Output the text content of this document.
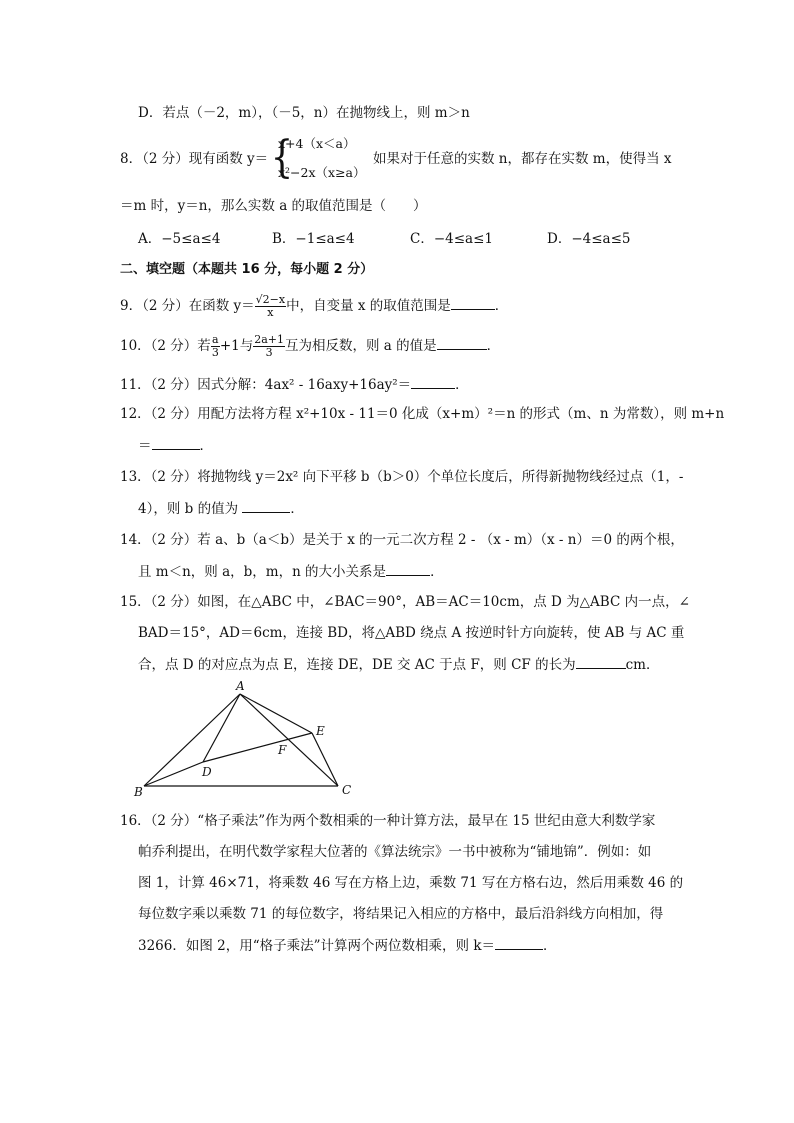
D．若点（－2，m），（－5，n）在抛物线上，则 m＞n
8．（2 分）现有函数 y＝ {
x+4（x＜a）
x²−2x（x≥a）
如果对于任意的实数 n，都存在实数 m，使得当 x
＝m 时，y＝n，那么实数 a 的取值范围是（　　）
A．−5≤a≤4	B．−1≤a≤4	C．−4≤a≤1	D．−4≤a≤5
二、填空题（本题共 16 分，每小题 2 分）
9．（2 分）在函数 $y= \frac{√2-x}{x}$ 中，自变量 x 的取值范围是	．
10．（2 分）若 $\frac{a}{3} +1$与 $\frac{2a+1}{3}$ 互为相反数，则 a 的值是	．
11．（2 分）因式分解：4ax² - 16axy+16ay²＝	．
12．（2 分）用配方法将方程 x²+10x - 11＝0 化成（x+m）²＝n 的形式（m、n 为常数），则 m+n
＝	．
13．（2 分）将抛物线 y＝2x² 向下平移 b（b＞0）个单位长度后，所得新抛物线经过点（1，-
4），则 b 的值为	．
14．（2 分）若 a、b（a＜b）是关于 x 的一元二次方程 2 - （x - m）（x - n）＝0 的两个根，
且 m＜n，则 a，b，m，n 的大小关系是	．
15．（2 分）如图，在△ABC 中，∠BAC＝90°，AB＝AC＝10cm，点 D 为△ABC 内一点，∠
BAD＝15°，AD＝6cm，连接 BD，将△ABD 绕点 A 按逆时针方向旋转，使 AB 与 AC 重
合，点 D 的对应点为点 E，连接 DE，DE 交 AC 于点 F，则 CF 的长为	cm．
A
B	C
D
E
F
16．（2 分）“格子乘法”作为两个数相乘的一种计算方法，最早在 15 世纪由意大利数学家
帕乔利提出，在明代数学家程大位著的《算法统宗》一书中被称为“铺地锦”．例如：如
图 1，计算 46×71，将乘数 46 写在方格上边，乘数 71 写在方格右边，然后用乘数 46 的
每位数字乘以乘数 71 的每位数字，将结果记入相应的方格中，最后沿斜线方向相加，得
3266．如图 2，用“格子乘法”计算两个两位数相乘，则 k＝	．
